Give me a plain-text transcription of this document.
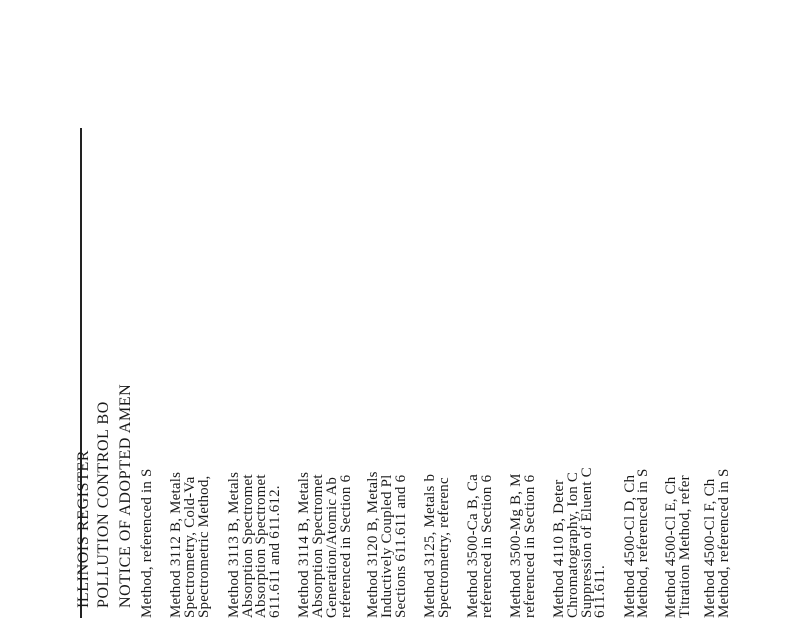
ILLINOIS REGISTER POLLUTION CONTROL BO NOTICE OF ADOPTED AMEN Method, referenced in S Method 3112 B, Metals
Spectrometry, Cold-Va
Spectrometric Method, Method 3113 B, Metals
Absorption Spectromet
Absorption Spectromet
611.611 and 611.612. Method 3114 B, Metals
Absorption Spectromet
Generation/Atomic Ab
referenced in Section 6 Method 3120 B, Metals
Inductively Coupled Pl
Sections 611.611 and 6 Method 3125, Metals b
Spectrometry, referenc Method 3500-Ca B, Ca
referenced in Section 6 Method 3500-Mg B, M
referenced in Section 6 Method 4110 B, Deter
Chromatography, Ion C
Suppression of Eluent C
611.611. Method 4500-Cl D, Ch
Method, referenced in S Method 4500-Cl E, Ch
Titration Method, refer Method 4500-Cl F, Ch
Method, referenced in S
